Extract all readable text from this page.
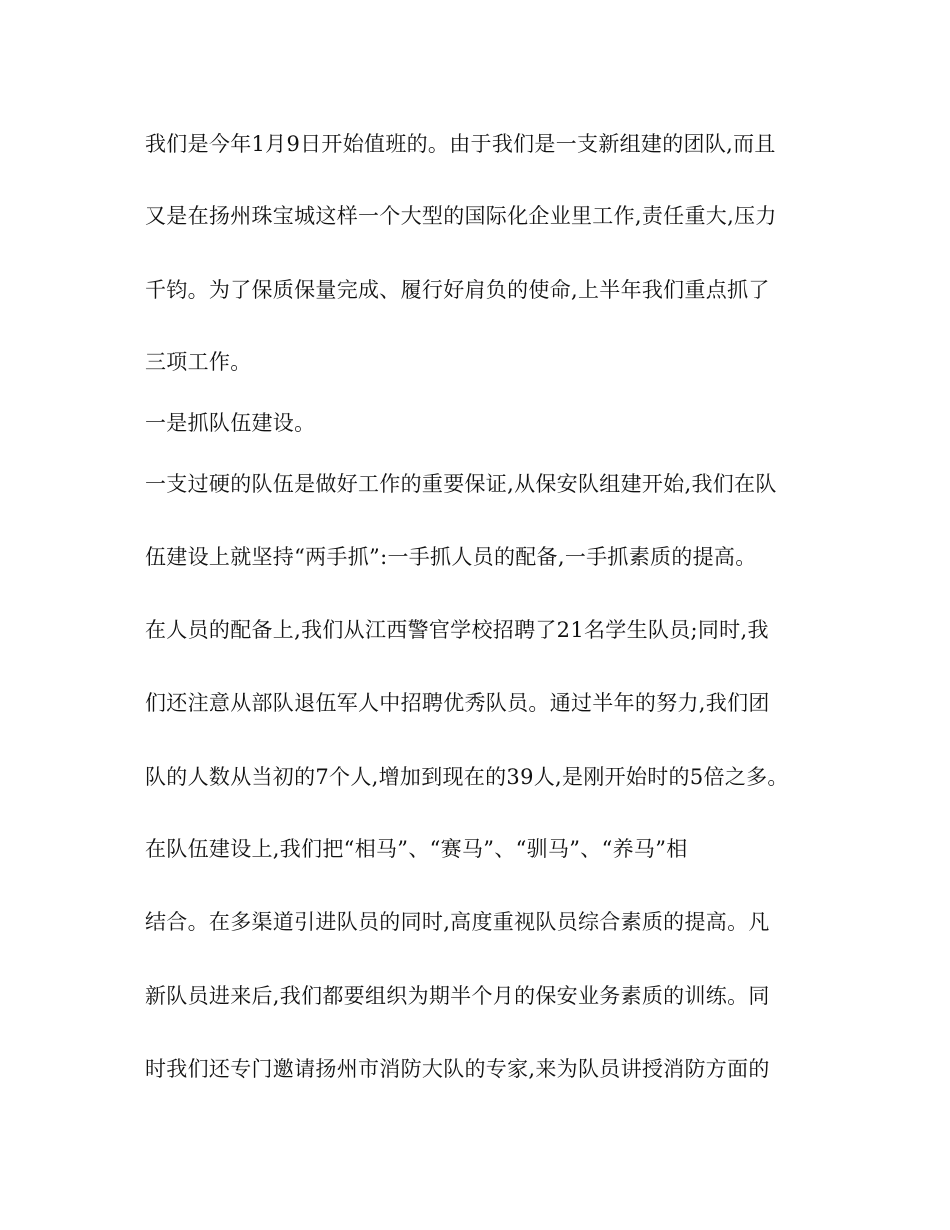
我们是今年1月9日开始值班的。由于我们是一支新组建的团队,而且
又是在扬州珠宝城这样一个大型的国际化企业里工作,责任重大,压力
千钧。为了保质保量完成、履行好肩负的使命,上半年我们重点抓了
三项工作。
一是抓队伍建设。
一支过硬的队伍是做好工作的重要保证,从保安队组建开始,我们在队
伍建设上就坚持“两手抓”:一手抓人员的配备,一手抓素质的提高。
在人员的配备上,我们从江西警官学校招聘了21名学生队员;同时,我
们还注意从部队退伍军人中招聘优秀队员。通过半年的努力,我们团
队的人数从当初的7个人,增加到现在的39人,是刚开始时的5倍之多。
在队伍建设上,我们把“相马”、“赛马”、“驯马”、“养马”相
结合。在多渠道引进队员的同时,高度重视队员综合素质的提高。凡
新队员进来后,我们都要组织为期半个月的保安业务素质的训练。同
时我们还专门邀请扬州市消防大队的专家,来为队员讲授消防方面的
